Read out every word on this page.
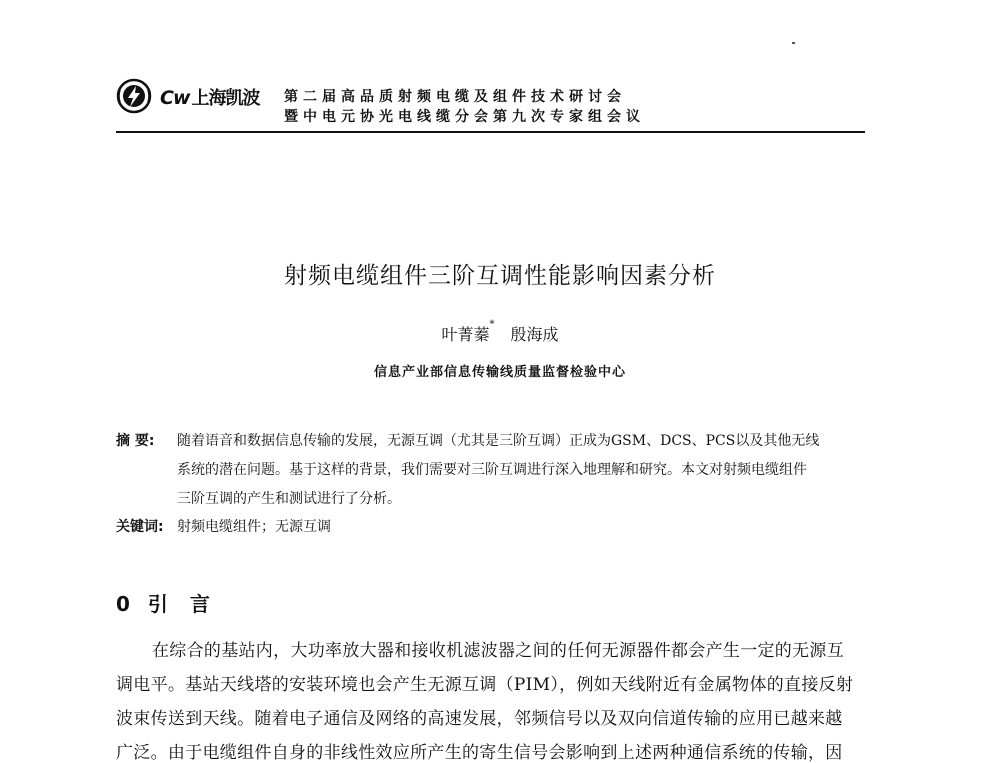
Cw 上海凯波 第二届高品质射频电缆及组件技术研讨会
暨中电元协光电线缆分会第九次专家组会议
射频电缆组件三阶互调性能影响因素分析
叶菁蓁*殷海成
信息产业部信息传输线质量监督检验中心
摘 要: 随着语音和数据信息传输的发展，无源互调（尤其是三阶互调）正成为GSM、DCS、PCS以及其他无线
系统的潜在问题。基于这样的背景，我们需要对三阶互调进行深入地理解和研究。本文对射频电缆组件
三阶互调的产生和测试进行了分析。
关键词: 射频电缆组件；无源互调
0 引 言
在综合的基站内，大功率放大器和接收机滤波器之间的任何无源器件都会产生一定的无源互
调电平。基站天线塔的安装环境也会产生无源互调（PIM），例如天线附近有金属物体的直接反射
波束传送到天线。随着电子通信及网络的高速发展，邻频信号以及双向信道传输的应用已越来越
广泛。由于电缆组件自身的非线性效应所产生的寄生信号会影响到上述两种通信系统的传输，因
